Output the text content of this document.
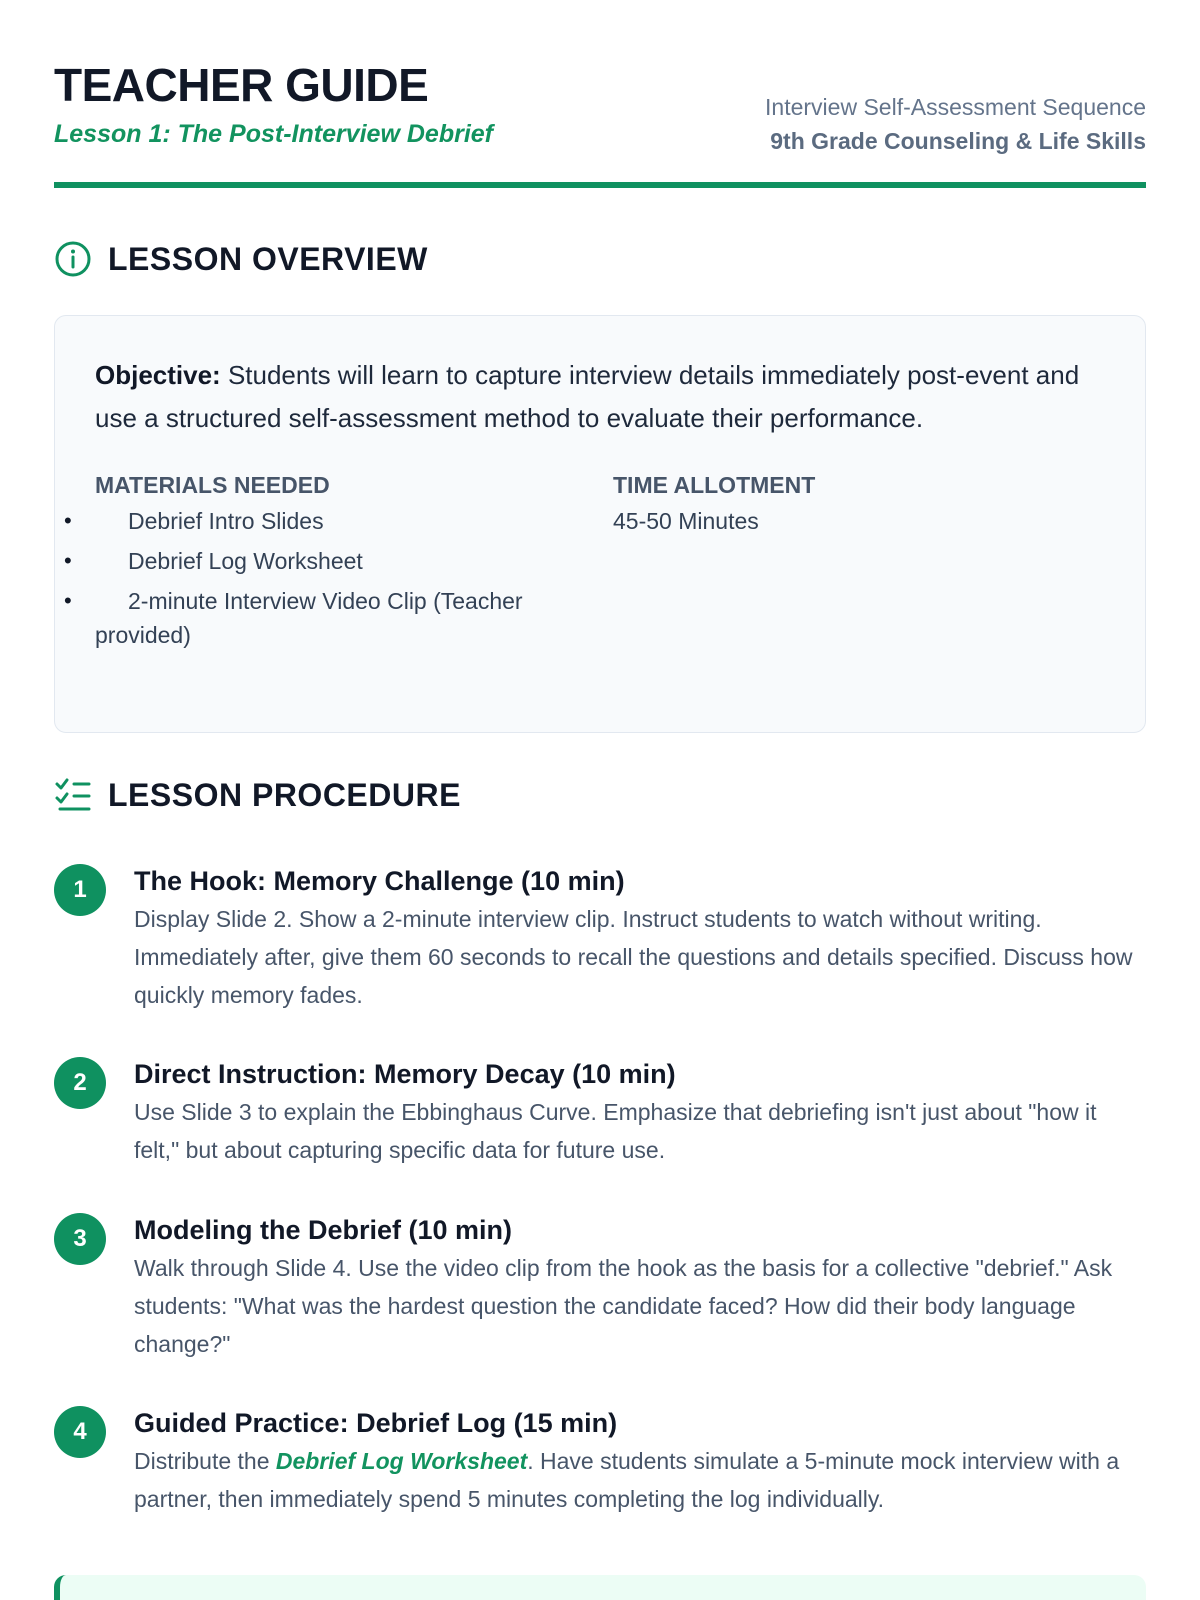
TEACHER GUIDE
Lesson 1: The Post-Interview Debrief
Interview Self-Assessment Sequence
9th Grade Counseling & Life Skills
LESSON OVERVIEW

Objective: Students will learn to capture interview details immediately post-event and use a structured self-assessment method to evaluate their performance.

MATERIALS NEEDED
• Debrief Intro Slides
• Debrief Log Worksheet
• 2-minute Interview Video Clip (Teacher provided)
TIME ALLOTMENT
45-50 Minutes
LESSON PROCEDURE
1	The Hook: Memory Challenge (10 min)
Display Slide 2. Show a 2-minute interview clip. Instruct students to watch without writing. Immediately after, give them 60 seconds to recall the questions and details specified. Discuss how quickly memory fades.
2	Direct Instruction: Memory Decay (10 min)
Use Slide 3 to explain the Ebbinghaus Curve. Emphasize that debriefing isn't just about "how it felt," but about capturing specific data for future use.
3	Modeling the Debrief (10 min)
Walk through Slide 4. Use the video clip from the hook as the basis for a collective "debrief." Ask students: "What was the hardest question the candidate faced? How did their body language change?"
4	Guided Practice: Debrief Log (15 min)
Distribute the Debrief Log Worksheet. Have students simulate a 5-minute mock interview with a partner, then immediately spend 5 minutes completing the log individually.
